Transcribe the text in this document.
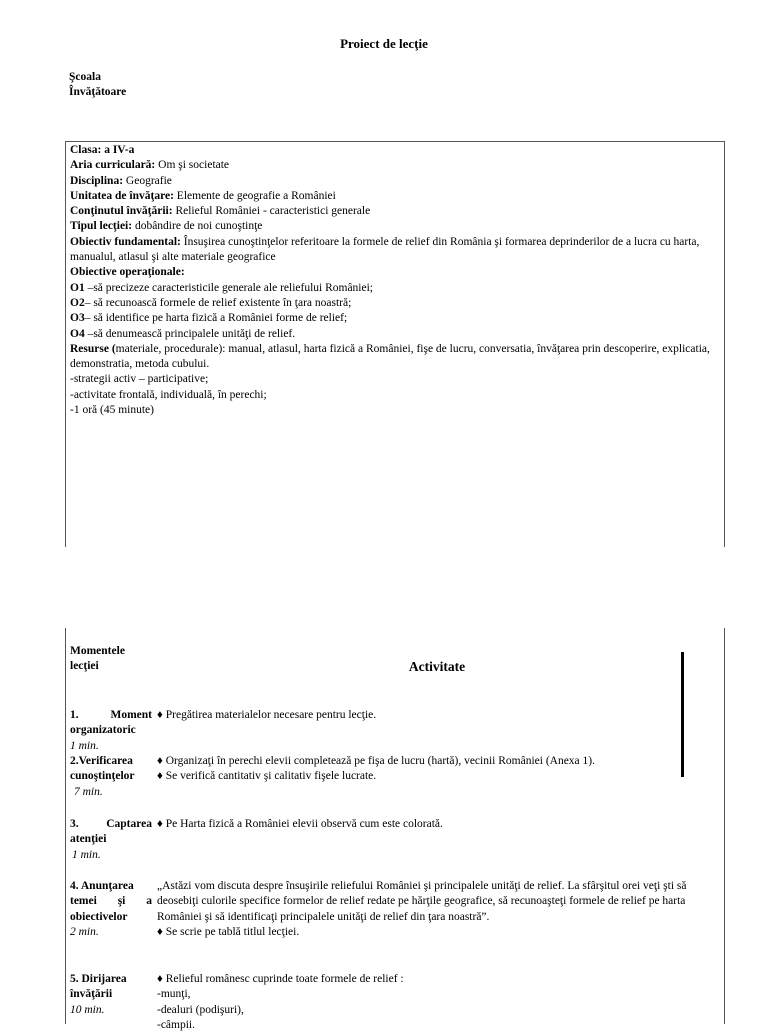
Proiect de lecţie
Şcoala
Învăţătoare
Clasa: a IV-a
Aria curriculară: Om şi societate
Disciplina: Geografie
Unitatea de învăţare: Elemente de geografie a României
Conţinutul învăţării: Relieful României - caracteristici generale
Tipul lecţiei: dobândire de noi cunoştinţe
Obiectiv fundamental: Însuşirea cunoştinţelor referitoare la formele de relief din România şi formarea deprinderilor de a lucra cu harta, manualul, atlasul şi alte materiale geografice
Obiective operaţionale:
O1 –să precizeze caracteristicile generale ale reliefului României;
O2– să recunoască formele de relief existente în ţara noastră;
O3– să identifice pe harta fizică a României forme de relief;
O4 –să denumească principalele unităţi de relief.
Resurse (materiale, procedurale): manual, atlasul, harta fizică a României, fişe de lucru, conversatia, învăţarea prin descoperire, explicatia, demonstratia, metoda cubului.
-strategii activ – participative;
-activitate frontală, individuală, în perechi;
-1 oră (45 minute)
Momentele
lecţiei	Activitate
1. Moment
organizatoric
1 min.
♦ Pregătirea materialelor necesare pentru lecţie.
2.Verificarea
cunoştinţelor
7 min.
♦ Organizaţi în perechi elevii completează pe fişa de lucru (hartă), vecinii României (Anexa 1).
♦ Se verifică cantitativ şi calitativ fişele lucrate.
3. Captarea
atenţiei
1 min.
♦ Pe Harta fizică a României elevii observă cum este colorată.
4. Anunţarea
temei şi a
obiectivelor
2 min.
„Astăzi vom discuta despre însuşirile reliefului României şi principalele unităţi de relief. La sfârşitul orei veţi şti să deosebiţi culorile specifice formelor de relief redate pe hărţile geografice, să recunoaşteţi formele de relief pe harta României şi să identificaţi principalele unităţi de relief din ţara noastră”.
♦ Se scrie pe tablă titlul lecţiei.
5. Dirijarea
învăţării
10 min.
♦ Relieful românesc cuprinde toate formele de relief :
-munţi,
-dealuri (podişuri),
-câmpii.
